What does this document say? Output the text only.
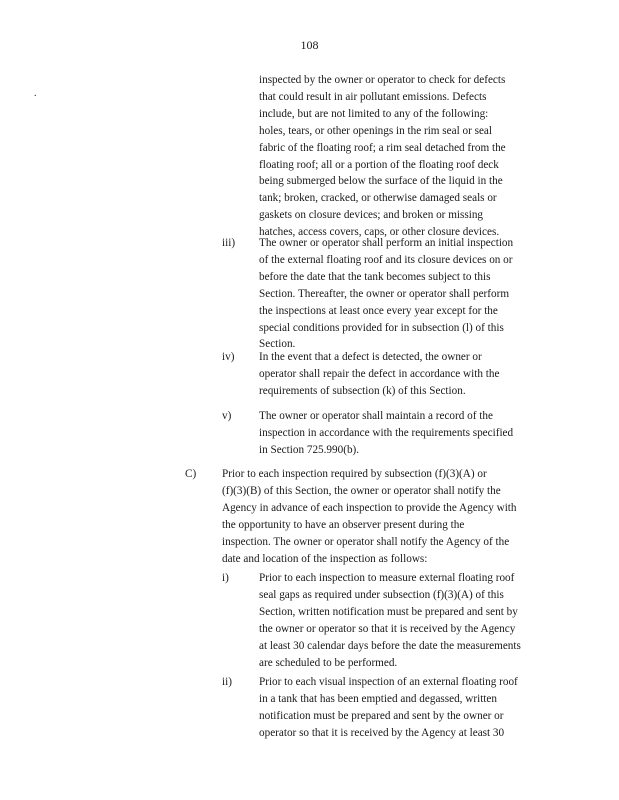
108
.
inspected by the owner or operator to check for defects
that could result in air pollutant emissions. Defects
include, but are not limited to any of the following:
holes, tears, or other openings in the rim seal or seal
fabric of the floating roof; a rim seal detached from the
floating roof; all or a portion of the floating roof deck
being submerged below the surface of the liquid in the
tank; broken, cracked, or otherwise damaged seals or
gaskets on closure devices; and broken or missing
hatches, access covers, caps, or other closure devices.
iii) The owner or operator shall perform an initial inspection
of the external floating roof and its closure devices on or
before the date that the tank becomes subject to this
Section. Thereafter, the owner or operator shall perform
the inspections at least once every year except for the
special conditions provided for in subsection (l) of this
Section.
iv) In the event that a defect is detected, the owner or
operator shall repair the defect in accordance with the
requirements of subsection (k) of this Section.
v) The owner or operator shall maintain a record of the
inspection in accordance with the requirements specified
in Section 725.990(b).
C) Prior to each inspection required by subsection (f)(3)(A) or
(f)(3)(B) of this Section, the owner or operator shall notify the
Agency in advance of each inspection to provide the Agency with
the opportunity to have an observer present during the
inspection. The owner or operator shall notify the Agency of the
date and location of the inspection as follows:
i)	Prior to each inspection to measure external floating roof
seal gaps as required under subsection (f)(3)(A) of this
Section, written notification must be prepared and sent by
the owner or operator so that it is received by the Agency
at least 30 calendar days before the date the measurements
are scheduled to be performed.
ii) Prior to each visual inspection of an external floating roof
in a tank that has been emptied and degassed, written
notification must be prepared and sent by the owner or
operator so that it is received by the Agency at least 30
